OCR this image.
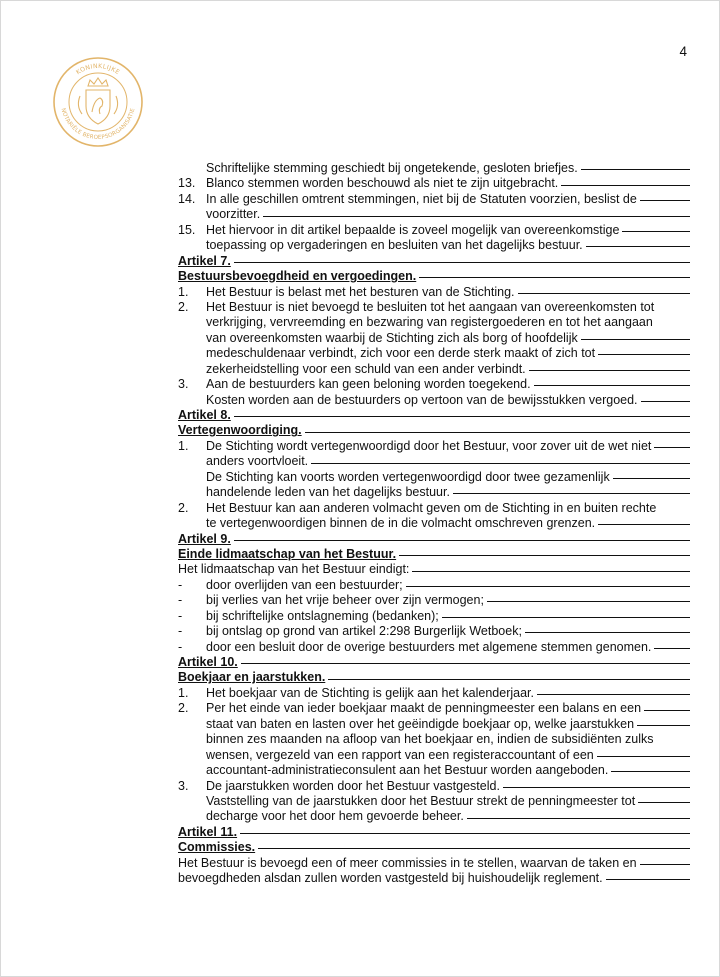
4
KONINKLIJKE
NOTARIËLE BEROEPSORGANISATIE
Schriftelijke stemming geschiedt bij ongetekende, gesloten briefjes.
13. Blanco stemmen worden beschouwd als niet te zijn uitgebracht.
14. In alle geschillen omtrent stemmingen, niet bij de Statuten voorzien, beslist de
voorzitter.
15. Het hiervoor in dit artikel bepaalde is zoveel mogelijk van overeenkomstige
toepassing op vergaderingen en besluiten van het dagelijks bestuur.
Artikel 7.
Bestuursbevoegdheid en vergoedingen.
1. Het Bestuur is belast met het besturen van de Stichting.
2. Het Bestuur is niet bevoegd te besluiten tot het aangaan van overeenkomsten tot
verkrijging, vervreemding en bezwaring van registergoederen en tot het aangaan
van overeenkomsten waarbij de Stichting zich als borg of hoofdelijk
medeschuldenaar verbindt, zich voor een derde sterk maakt of zich tot
zekerheidstelling voor een schuld van een ander verbindt.
3. Aan de bestuurders kan geen beloning worden toegekend.
Kosten worden aan de bestuurders op vertoon van de bewijsstukken vergoed.
Artikel 8.
Vertegenwoordiging.
1. De Stichting wordt vertegenwoordigd door het Bestuur, voor zover uit de wet niet
anders voortvloeit.
De Stichting kan voorts worden vertegenwoordigd door twee gezamenlijk
handelende leden van het dagelijks bestuur.
2. Het Bestuur kan aan anderen volmacht geven om de Stichting in en buiten rechte
te vertegenwoordigen binnen de in die volmacht omschreven grenzen.
Artikel 9.
Einde lidmaatschap van het Bestuur.
Het lidmaatschap van het Bestuur eindigt:
- door overlijden van een bestuurder;
- bij verlies van het vrije beheer over zijn vermogen;
- bij schriftelijke ontslagneming (bedanken);
- bij ontslag op grond van artikel 2:298 Burgerlijk Wetboek;
- door een besluit door de overige bestuurders met algemene stemmen genomen.
Artikel 10.
Boekjaar en jaarstukken.
1. Het boekjaar van de Stichting is gelijk aan het kalenderjaar.
2. Per het einde van ieder boekjaar maakt de penningmeester een balans en een
staat van baten en lasten over het geëindigde boekjaar op, welke jaarstukken
binnen zes maanden na afloop van het boekjaar en, indien de subsidiënten zulks
wensen, vergezeld van een rapport van een registeraccountant of een
accountant-administratieconsulent aan het Bestuur worden aangeboden.
3. De jaarstukken worden door het Bestuur vastgesteld.
Vaststelling van de jaarstukken door het Bestuur strekt de penningmeester tot
decharge voor het door hem gevoerde beheer.
Artikel 11.
Commissies.
Het Bestuur is bevoegd een of meer commissies in te stellen, waarvan de taken en
bevoegdheden alsdan zullen worden vastgesteld bij huishoudelijk reglement.
